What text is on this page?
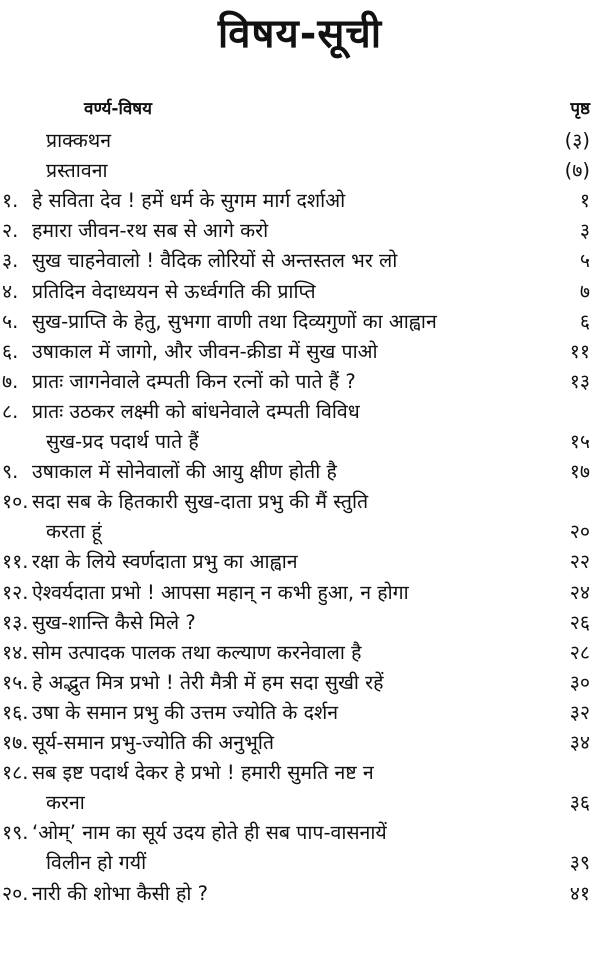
विषय-सूची
वर्ण्य-विषय	पृष्ठ
प्राक्कथन	(३)
प्रस्तावना	(७)
१. हे सविता देव ! हमें धर्म के सुगम मार्ग दर्शाओ	१
२. हमारा जीवन-रथ सब से आगे करो	३
३. सुख चाहनेवालो ! वैदिक लोरियों से अन्तस्तल भर लो	५
४. प्रतिदिन वेदाध्ययन से ऊर्ध्वगति की प्राप्ति	७
५. सुख-प्राप्ति के हेतु, सुभगा वाणी तथा दिव्यगुणों का आह्वान	६
६. उषाकाल में जागो, और जीवन-क्रीडा में सुख पाओ	११
७. प्रातः जागनेवाले दम्पती किन रत्नों को पाते हैं ?	१३
८. प्रातः उठकर लक्ष्मी को बांधनेवाले दम्पती विविध
सुख-प्रद पदार्थ पाते हैं	१५
९. उषाकाल में सोनेवालों की आयु क्षीण होती है	१७
१०. सदा सब के हितकारी सुख-दाता प्रभु की मैं स्तुति
करता हूं	२०
११. रक्षा के लिये स्वर्णदाता प्रभु का आह्वान	२२
१२. ऐश्वर्यदाता प्रभो ! आपसा महान् न कभी हुआ, न होगा	२४
१३. सुख-शान्ति कैसे मिले ?	२६
१४. सोम उत्पादक पालक तथा कल्याण करनेवाला है	२८
१५. हे अद्भुत मित्र प्रभो ! तेरी मैत्री में हम सदा सुखी रहें	३०
१६. उषा के समान प्रभु की उत्तम ज्योति के दर्शन	३२
१७. सूर्य-समान प्रभु-ज्योति की अनुभूति	३४
१८. सब इष्ट पदार्थ देकर हे प्रभो ! हमारी सुमति नष्ट न
करना	३६
१९. ‘ओम्’ नाम का सूर्य उदय होते ही सब पाप-वासनायें
विलीन हो गयीं	३९
२०. नारी की शोभा कैसी हो ?	४१
